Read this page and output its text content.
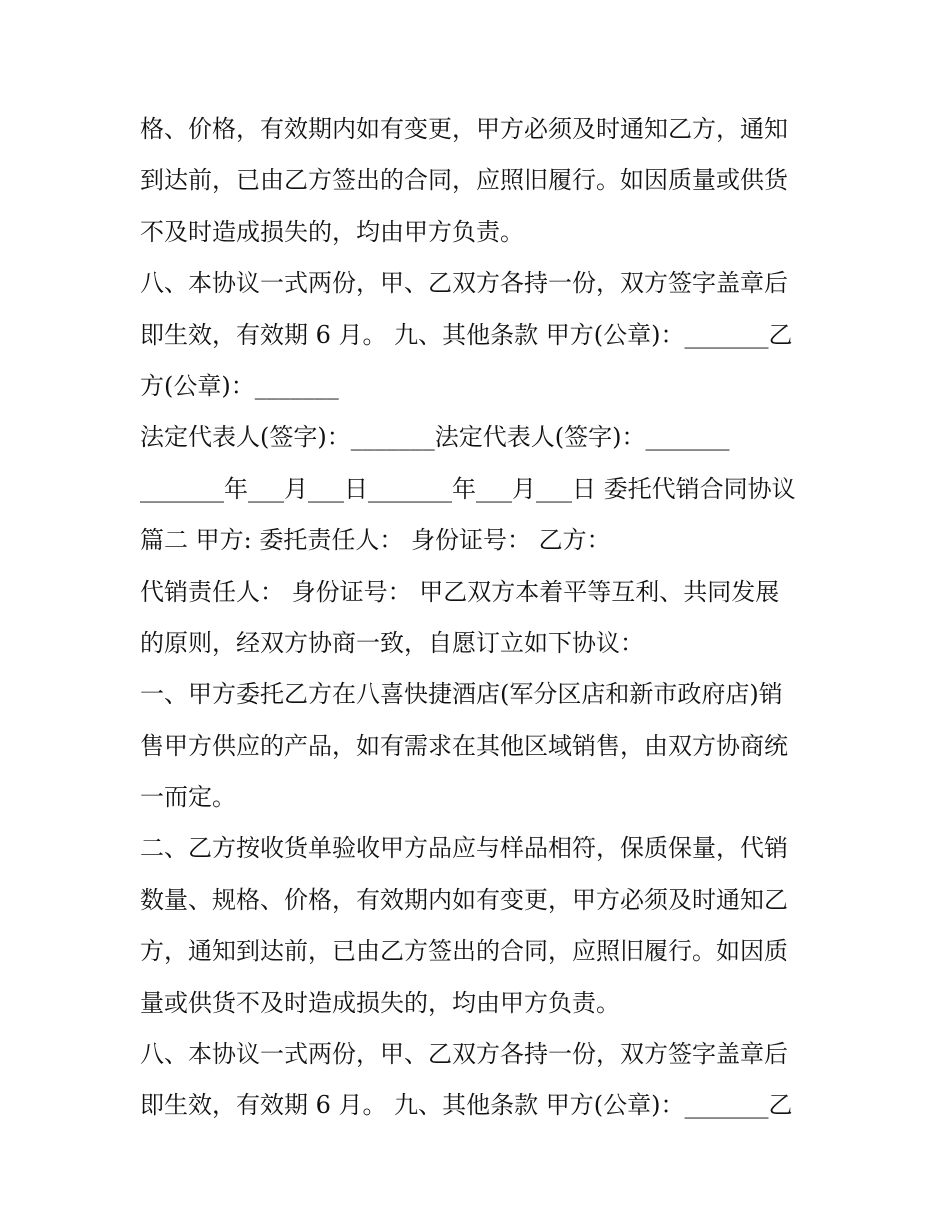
格、价格，有效期内如有变更，甲方必须及时通知乙方，通知
到达前，已由乙方签出的合同，应照旧履行。如因质量或供货
不及时造成损失的，均由甲方负责。
八、本协议一式两份，甲、乙双方各持一份，双方签字盖章后
即生效，有效期 6 月。 九、其他条款 甲方(公章)：_______乙
方(公章)：_______
法定代表人(签字)：_______法定代表人(签字)：_______
_______年___月___日_______年___月___日 委托代销合同协议
篇二 甲方: 委托责任人： 身份证号： 乙方：
代销责任人： 身份证号： 甲乙双方本着平等互利、共同发展
的原则，经双方协商一致，自愿订立如下协议：
一、甲方委托乙方在八喜快捷酒店(军分区店和新市政府店)销
售甲方供应的产品，如有需求在其他区域销售，由双方协商统
一而定。
二、乙方按收货单验收甲方品应与样品相符，保质保量，代销
数量、规格、价格，有效期内如有变更，甲方必须及时通知乙
方，通知到达前，已由乙方签出的合同，应照旧履行。如因质
量或供货不及时造成损失的，均由甲方负责。
八、本协议一式两份，甲、乙双方各持一份，双方签字盖章后
即生效，有效期 6 月。 九、其他条款 甲方(公章)：_______乙
